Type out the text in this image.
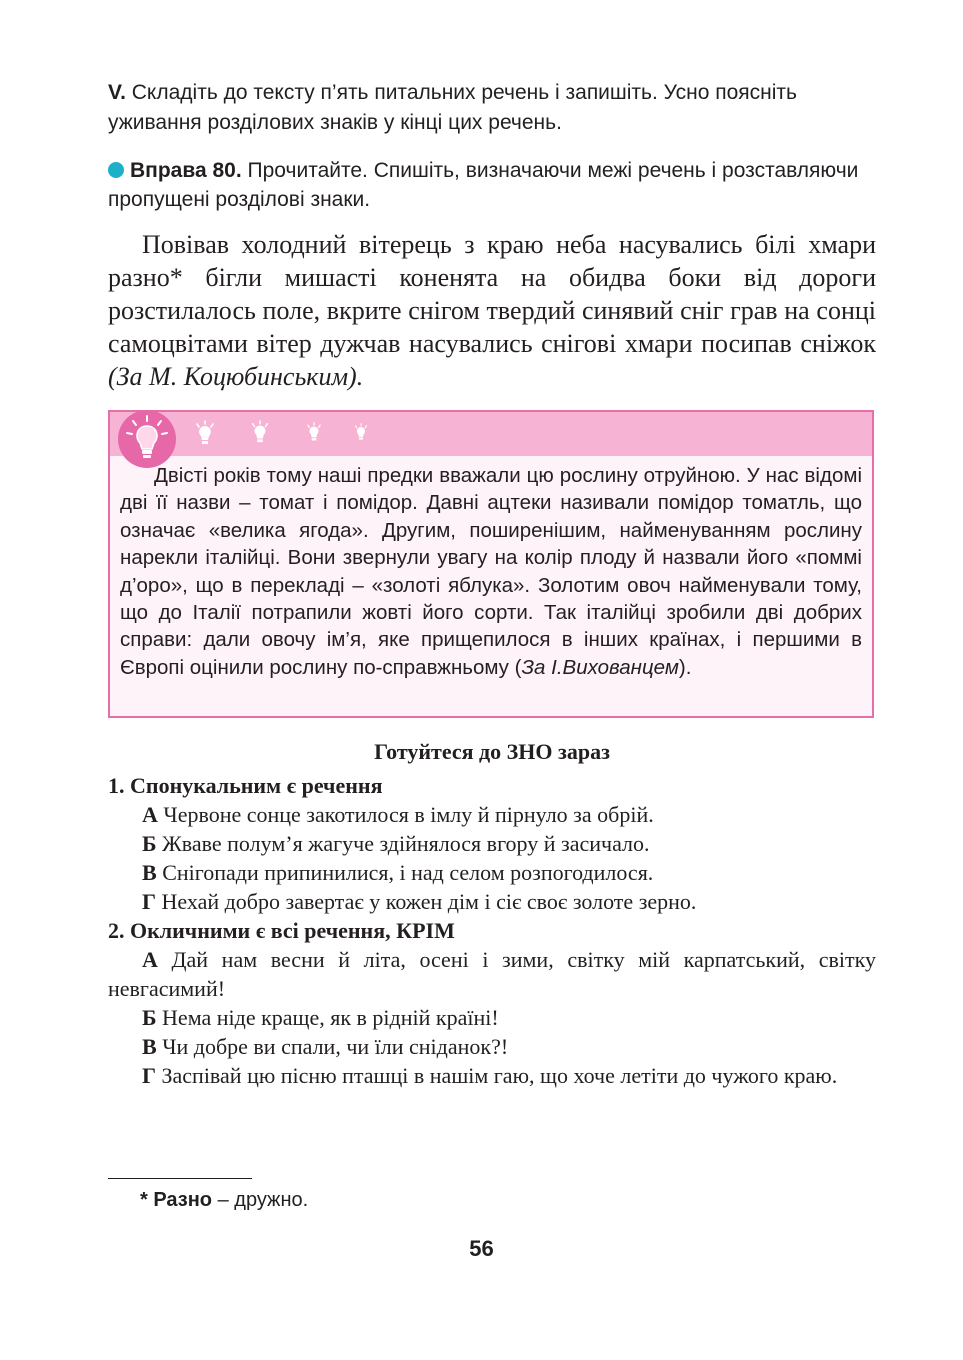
V. Складіть до тексту п’ять питальних речень і запишіть. Усно поясніть уживання розділових знаків у кінці цих речень.
Вправа 80. Прочитайте. Спишіть, визначаючи межі речень і розставляючи пропущені розділові знаки.
Повівав холодний вітерець з краю неба насувались білі хмари разно* бігли мишасті коненята на обидва боки від дороги розстилалось поле, вкрите снігом твердий синявий сніг грав на сонці самоцвітами вітер дужчав насувались снігові хмари посипав сніжок (За М. Коцюбинським).
Двісті років тому наші предки вважали цю рослину отруйною. У нас відомі дві її назви – томат і помідор. Давні ацтеки називали помідор томатль, що означає «велика ягода». Другим, поширенішим, найменуванням рослину нарекли італійці. Вони звернули увагу на колір плоду й назвали його «поммі д’оро», що в перекладі – «золоті яблука». Золотим овоч найменували тому, що до Італії потрапили жовті його сорти. Так італійці зробили дві добрих справи: дали овочу ім’я, яке прищепилося в інших країнах, і першими в Європі оцінили рослину по-справжньому (За І.Вихованцем).
Готуйтеся до ЗНО зараз
1. Спонукальним є речення
А Червоне сонце закотилося в імлу й пірнуло за обрій.
Б Жваве полум’я жагуче здійнялося вгору й засичало.
В Снігопади припинилися, і над селом розпогодилося.
Г Нехай добро завертає у кожен дім і сіє своє золоте зерно.
2. Окличними є всі речення, КРІМ
А Дай нам весни й літа, осені і зими, світку мій карпатський, світку невгасимий!
Б Нема ніде краще, як в рідній країні!
В Чи добре ви спали, чи їли сніданок?!
Г Заспівай цю пісню пташці в нашім гаю, що хоче летіти до чужого краю.
* Разно – дружно.
56
